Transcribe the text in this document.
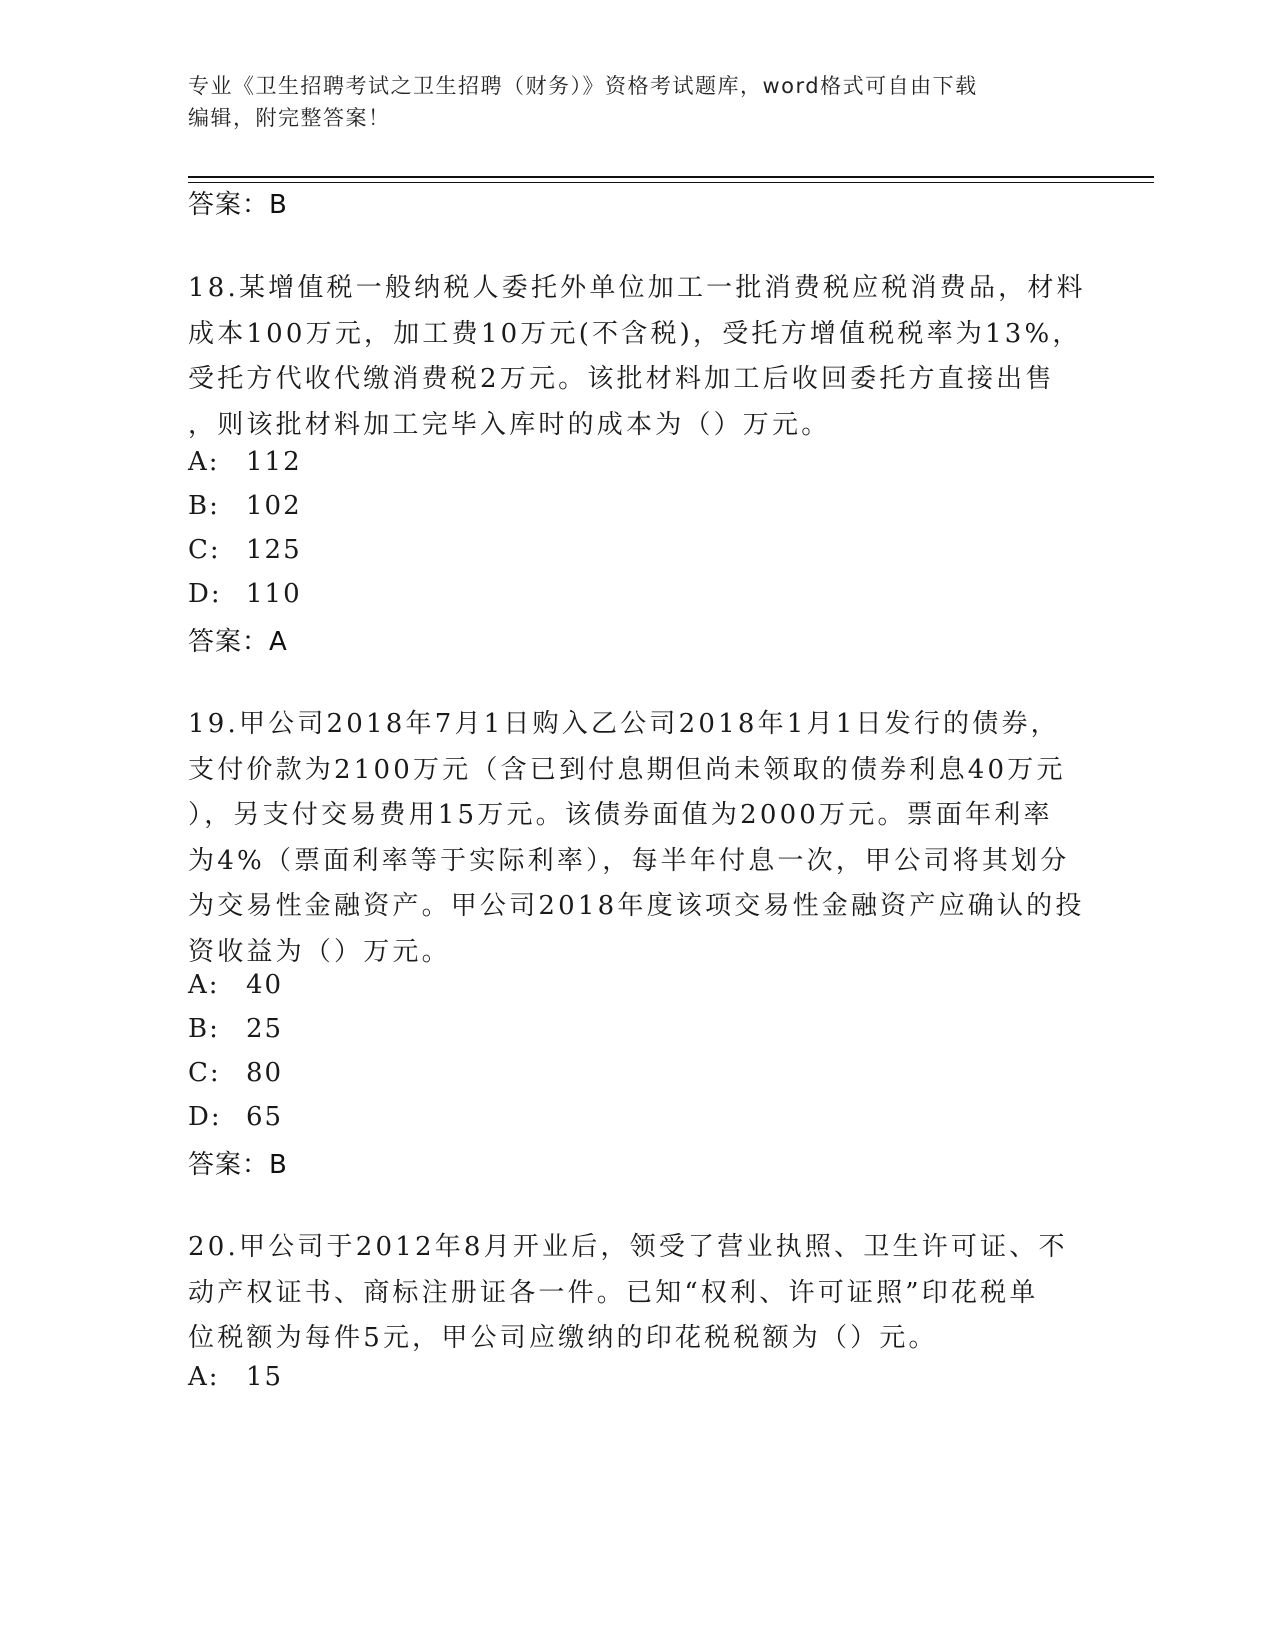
专业《卫生招聘考试之卫生招聘（财务）》资格考试题库，word格式可自由下载
编辑，附完整答案！
答案：B
18.某增值税一般纳税人委托外单位加工一批消费税应税消费品，材料
成本100万元，加工费10万元(不含税)，受托方增值税税率为13%，
受托方代收代缴消费税2万元。该批材料加工后收回委托方直接出售
，则该批材料加工完毕入库时的成本为（）万元。
A: 112
B: 102
C: 125
D: 110
答案：A
19.甲公司2018年7月1日购入乙公司2018年1月1日发行的债券，
支付价款为2100万元（含已到付息期但尚未领取的债券利息40万元
），另支付交易费用15万元。该债券面值为2000万元。票面年利率
为4%（票面利率等于实际利率），每半年付息一次，甲公司将其划分
为交易性金融资产。甲公司2018年度该项交易性金融资产应确认的投
资收益为（）万元。
A: 40
B: 25
C: 80
D: 65
答案：B
20.甲公司于2012年8月开业后，领受了营业执照、卫生许可证、不
动产权证书、商标注册证各一件。已知“权利、许可证照”印花税单
位税额为每件5元，甲公司应缴纳的印花税税额为（）元。
A: 15
